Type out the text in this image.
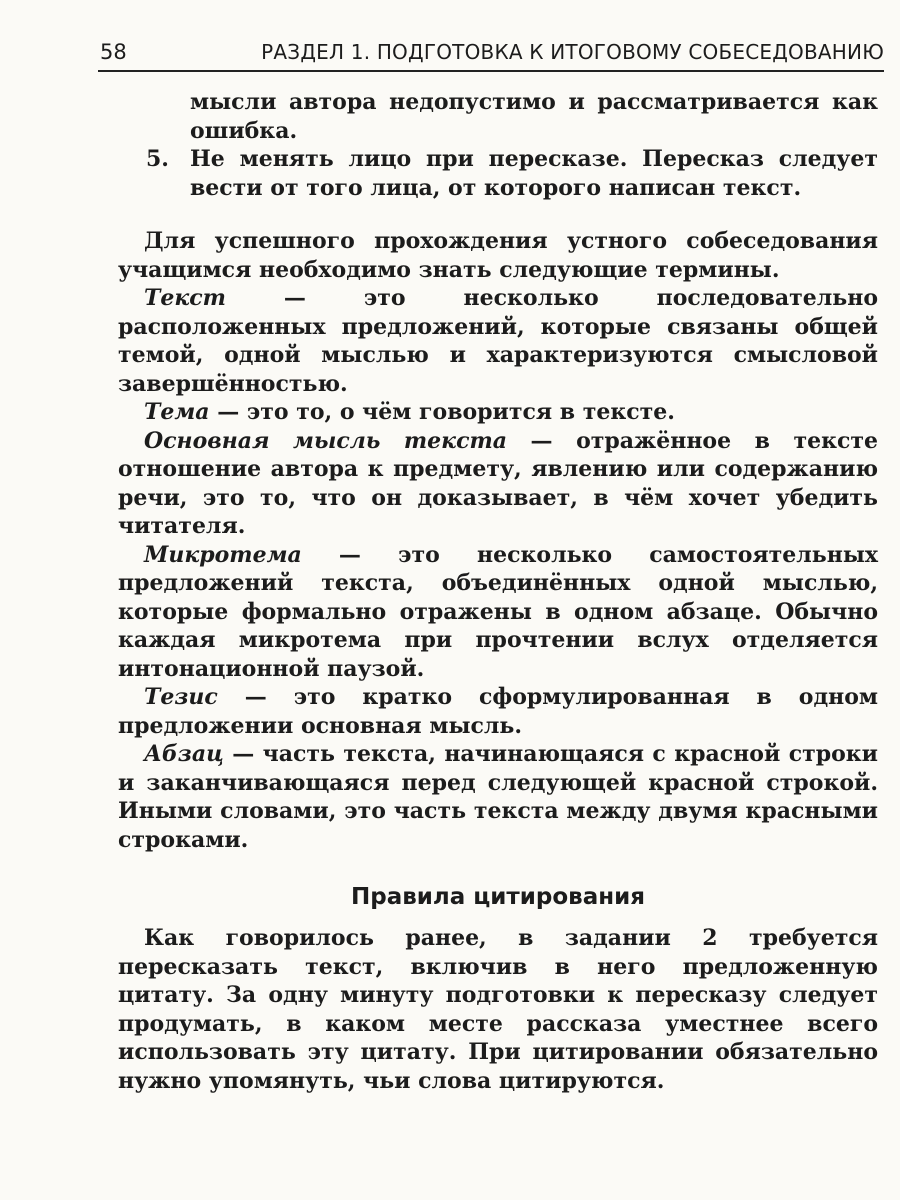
58	РАЗДЕЛ 1. ПОДГОТОВКА К ИТОГОВОМУ СОБЕСЕДОВАНИЮ

мысли автора недопустимо и рассматривается как ошибка.

5. Не менять лицо при пересказе. Пересказ следует вести от того лица, от которого написан текст.

Для успешного прохождения устного собеседования учащимся необходимо знать следующие термины.

Текст — это несколько последовательно расположенных предложений, которые связаны общей темой, одной мыслью и характеризуются смысловой завершённостью.

Тема — это то, о чём говорится в тексте.

Основная мысль текста — отражённое в тексте отношение автора к предмету, явлению или содержанию речи, это то, что он доказывает, в чём хочет убедить читателя.

Микротема — это несколько самостоятельных предложений текста, объединённых одной мыслью, которые формально отражены в одном абзаце. Обычно каждая микротема при прочтении вслух отделяется интонационной паузой.

Тезис — это кратко сформулированная в одном предложении основная мысль.

Абзац — часть текста, начинающаяся с красной строки и заканчивающаяся перед следующей красной строкой. Иными словами, это часть текста между двумя красными строками.

Правила цитирования

Как говорилось ранее, в задании 2 требуется пересказать текст, включив в него предложенную цитату. За одну минуту подготовки к пересказу следует продумать, в каком месте рассказа уместнее всего использовать эту цитату. При цитировании обязательно нужно упомянуть, чьи слова цитируются.
